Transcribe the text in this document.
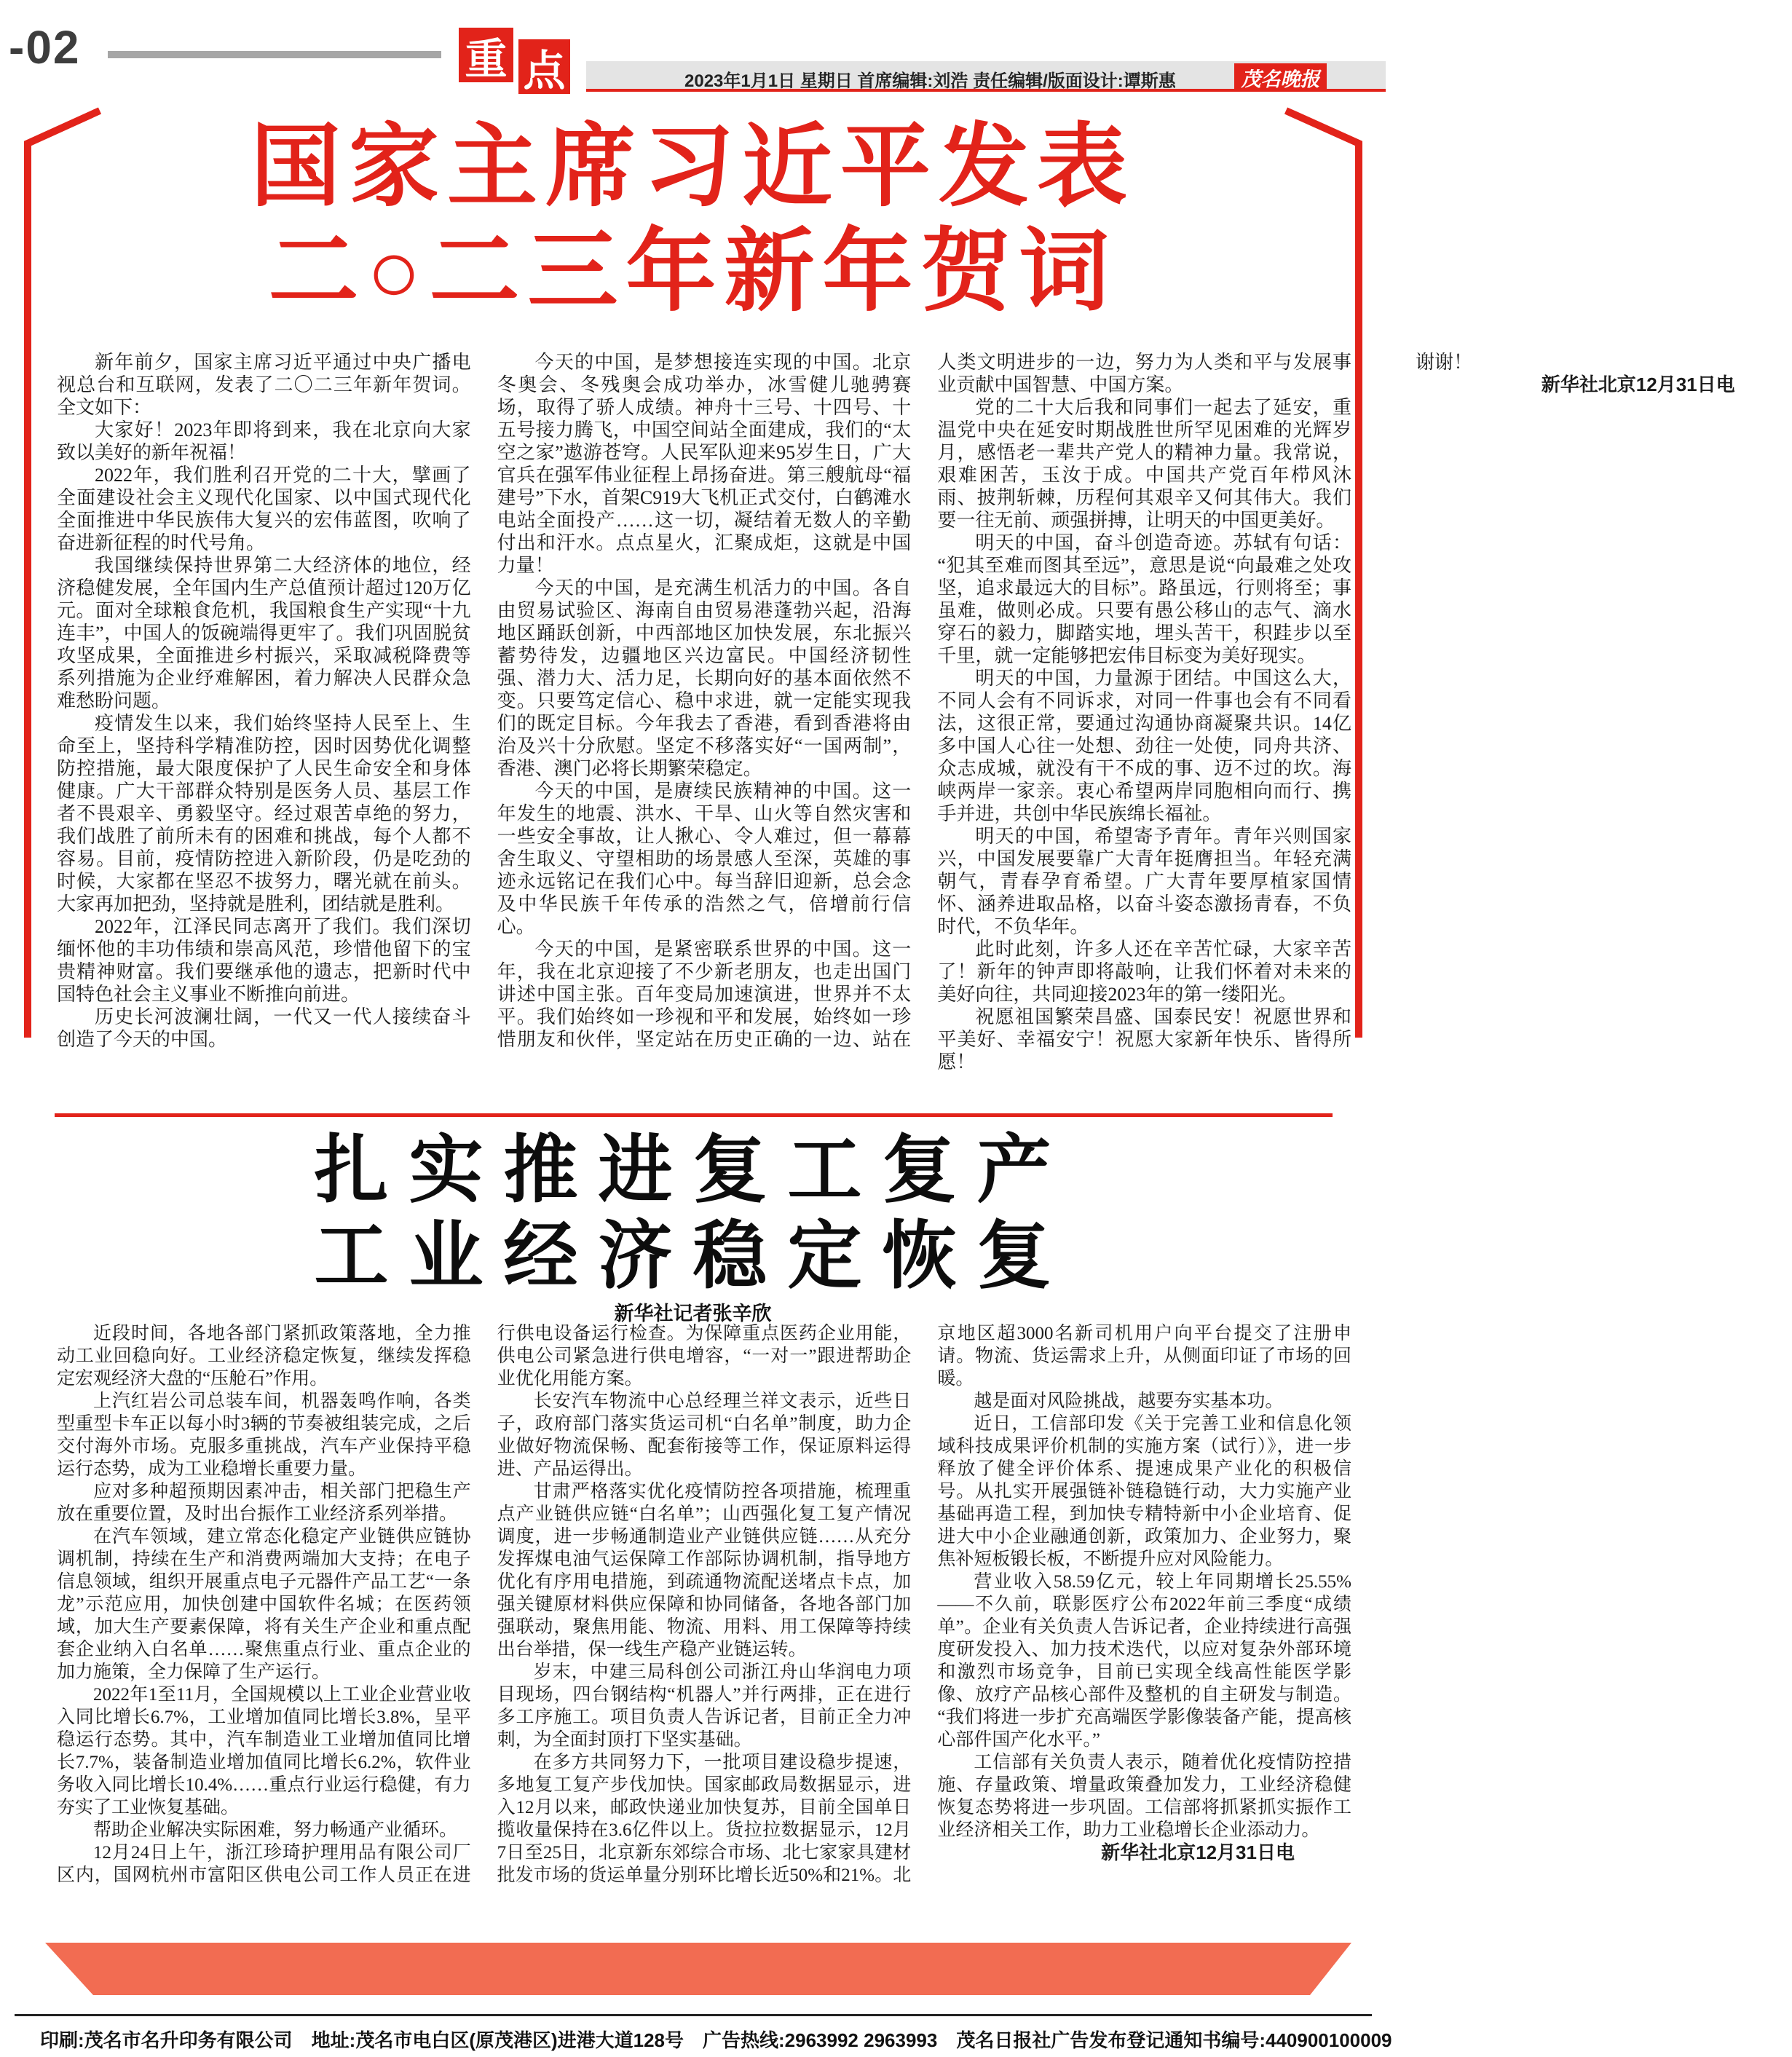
-02	重 点	2023年1月1日 星期日 首席编辑:刘浩 责任编辑/版面设计:谭斯惠	茂名晚报
国家主席习近平发表
二○二三年新年贺词

新年前夕，国家主席习近平通过中央广播电视总台和互联网，发表了二〇二三年新年贺词。全文如下：

大家好！2023年即将到来，我在北京向大家致以美好的新年祝福！

2022年，我们胜利召开党的二十大，擘画了全面建设社会主义现代化国家、以中国式现代化全面推进中华民族伟大复兴的宏伟蓝图，吹响了奋进新征程的时代号角。

我国继续保持世界第二大经济体的地位，经济稳健发展，全年国内生产总值预计超过120万亿元。面对全球粮食危机，我国粮食生产实现“十九连丰”，中国人的饭碗端得更牢了。我们巩固脱贫攻坚成果，全面推进乡村振兴，采取减税降费等系列措施为企业纾难解困，着力解决人民群众急难愁盼问题。

疫情发生以来，我们始终坚持人民至上、生命至上，坚持科学精准防控，因时因势优化调整防控措施，最大限度保护了人民生命安全和身体健康。广大干部群众特别是医务人员、基层工作者不畏艰辛、勇毅坚守。经过艰苦卓绝的努力，我们战胜了前所未有的困难和挑战，每个人都不容易。目前，疫情防控进入新阶段，仍是吃劲的时候，大家都在坚忍不拔努力，曙光就在前头。大家再加把劲，坚持就是胜利，团结就是胜利。

2022年，江泽民同志离开了我们。我们深切缅怀他的丰功伟绩和崇高风范，珍惜他留下的宝贵精神财富。我们要继承他的遗志，把新时代中国特色社会主义事业不断推向前进。

历史长河波澜壮阔，一代又一代人接续奋斗创造了今天的中国。

今天的中国，是梦想接连实现的中国。北京冬奥会、冬残奥会成功举办，冰雪健儿驰骋赛场，取得了骄人成绩。神舟十三号、十四号、十五号接力腾飞，中国空间站全面建成，我们的“太空之家”遨游苍穹。人民军队迎来95岁生日，广大官兵在强军伟业征程上昂扬奋进。第三艘航母“福建号”下水，首架C919大飞机正式交付，白鹤滩水电站全面投产……这一切，凝结着无数人的辛勤付出和汗水。点点星火，汇聚成炬，这就是中国力量！

今天的中国，是充满生机活力的中国。各自由贸易试验区、海南自由贸易港蓬勃兴起，沿海地区踊跃创新，中西部地区加快发展，东北振兴蓄势待发，边疆地区兴边富民。中国经济韧性强、潜力大、活力足，长期向好的基本面依然不变。只要笃定信心、稳中求进，就一定能实现我们的既定目标。今年我去了香港，看到香港将由治及兴十分欣慰。坚定不移落实好“一国两制”，香港、澳门必将长期繁荣稳定。

今天的中国，是赓续民族精神的中国。这一年发生的地震、洪水、干旱、山火等自然灾害和一些安全事故，让人揪心、令人难过，但一幕幕舍生取义、守望相助的场景感人至深，英雄的事迹永远铭记在我们心中。每当辞旧迎新，总会念及中华民族千年传承的浩然之气，倍增前行信心。

今天的中国，是紧密联系世界的中国。这一年，我在北京迎接了不少新老朋友，也走出国门讲述中国主张。百年变局加速演进，世界并不太平。我们始终如一珍视和平和发展，始终如一珍惜朋友和伙伴，坚定站在历史正确的一边、站在人类文明进步的一边，努力为人类和平与发展事业贡献中国智慧、中国方案。

党的二十大后我和同事们一起去了延安，重温党中央在延安时期战胜世所罕见困难的光辉岁月，感悟老一辈共产党人的精神力量。我常说，艰难困苦，玉汝于成。中国共产党百年栉风沐雨、披荆斩棘，历程何其艰辛又何其伟大。我们要一往无前、顽强拼搏，让明天的中国更美好。

明天的中国，奋斗创造奇迹。苏轼有句话：“犯其至难而图其至远”，意思是说“向最难之处攻坚，追求最远大的目标”。路虽远，行则将至；事虽难，做则必成。只要有愚公移山的志气、滴水穿石的毅力，脚踏实地，埋头苦干，积跬步以至千里，就一定能够把宏伟目标变为美好现实。

明天的中国，力量源于团结。中国这么大，不同人会有不同诉求，对同一件事也会有不同看法，这很正常，要通过沟通协商凝聚共识。14亿多中国人心往一处想、劲往一处使，同舟共济、众志成城，就没有干不成的事、迈不过的坎。海峡两岸一家亲。衷心希望两岸同胞相向而行、携手并进，共创中华民族绵长福祉。

明天的中国，希望寄予青年。青年兴则国家兴，中国发展要靠广大青年挺膺担当。年轻充满朝气，青春孕育希望。广大青年要厚植家国情怀、涵养进取品格，以奋斗姿态激扬青春，不负时代，不负华年。

此时此刻，许多人还在辛苦忙碌，大家辛苦了！新年的钟声即将敲响，让我们怀着对未来的美好向往，共同迎接2023年的第一缕阳光。

祝愿祖国繁荣昌盛、国泰民安！祝愿世界和平美好、幸福安宁！祝愿大家新年快乐、皆得所愿！

谢谢！

新华社北京12月31日电

扎实推进复工复产
工业经济稳定恢复
新华社记者张辛欣

近段时间，各地各部门紧抓政策落地，全力推动工业回稳向好。工业经济稳定恢复，继续发挥稳定宏观经济大盘的“压舱石”作用。

上汽红岩公司总装车间，机器轰鸣作响，各类型重型卡车正以每小时3辆的节奏被组装完成，之后交付海外市场。克服多重挑战，汽车产业保持平稳运行态势，成为工业稳增长重要力量。

应对多种超预期因素冲击，相关部门把稳生产放在重要位置，及时出台振作工业经济系列举措。

在汽车领域，建立常态化稳定产业链供应链协调机制，持续在生产和消费两端加大支持；在电子信息领域，组织开展重点电子元器件产品工艺“一条龙”示范应用，加快创建中国软件名城；在医药领域，加大生产要素保障，将有关生产企业和重点配套企业纳入白名单……聚焦重点行业、重点企业的加力施策，全力保障了生产运行。

2022年1至11月，全国规模以上工业企业营业收入同比增长6.7%，工业增加值同比增长3.8%，呈平稳运行态势。其中，汽车制造业工业增加值同比增长7.7%，装备制造业增加值同比增长6.2%，软件业务收入同比增长10.4%……重点行业运行稳健，有力夯实了工业恢复基础。

帮助企业解决实际困难，努力畅通产业循环。

12月24日上午，浙江珍琦护理用品有限公司厂区内，国网杭州市富阳区供电公司工作人员正在进行供电设备运行检查。为保障重点医药企业用能，供电公司紧急进行供电增容，“一对一”跟进帮助企业优化用能方案。

长安汽车物流中心总经理兰祥文表示，近些日子，政府部门落实货运司机“白名单”制度，助力企业做好物流保畅、配套衔接等工作，保证原料运得进、产品运得出。

甘肃严格落实优化疫情防控各项措施，梳理重点产业链供应链“白名单”；山西强化复工复产情况调度，进一步畅通制造业产业链供应链……从充分发挥煤电油气运保障工作部际协调机制，指导地方优化有序用电措施，到疏通物流配送堵点卡点，加强关键原材料供应保障和协同储备，各地各部门加强联动，聚焦用能、物流、用料、用工保障等持续出台举措，保一线生产稳产业链运转。

岁末，中建三局科创公司浙江舟山华润电力项目现场，四台钢结构“机器人”并行两排，正在进行多工序施工。项目负责人告诉记者，目前正全力冲刺，为全面封顶打下坚实基础。

在多方共同努力下，一批项目建设稳步提速，多地复工复产步伐加快。国家邮政局数据显示，进入12月以来，邮政快递业加快复苏，目前全国单日揽收量保持在3.6亿件以上。货拉拉数据显示，12月7日至25日，北京新东郊综合市场、北七家家具建材批发市场的货运单量分别环比增长近50%和21%。北京地区超3000名新司机用户向平台提交了注册申请。物流、货运需求上升，从侧面印证了市场的回暖。

越是面对风险挑战，越要夯实基本功。

近日，工信部印发《关于完善工业和信息化领域科技成果评价机制的实施方案（试行）》，进一步释放了健全评价体系、提速成果产业化的积极信号。从扎实开展强链补链稳链行动，大力实施产业基础再造工程，到加快专精特新中小企业培育、促进大中小企业融通创新，政策加力、企业努力，聚焦补短板锻长板，不断提升应对风险能力。

营业收入58.59亿元，较上年同期增长25.55%——不久前，联影医疗公布2022年前三季度“成绩单”。企业有关负责人告诉记者，企业持续进行高强度研发投入、加力技术迭代，以应对复杂外部环境和激烈市场竞争，目前已实现全线高性能医学影像、放疗产品核心部件及整机的自主研发与制造。“我们将进一步扩充高端医学影像装备产能，提高核心部件国产化水平。”

工信部有关负责人表示，随着优化疫情防控措施、存量政策、增量政策叠加发力，工业经济稳健恢复态势将进一步巩固。工信部将抓紧抓实振作工业经济相关工作，助力工业稳增长企业添动力。

新华社北京12月31日电

印刷:茂名市名升印务有限公司　地址:茂名市电白区(原茂港区)进港大道128号　广告热线:2963992 2963993　茂名日报社广告发布登记通知书编号:440900100009
